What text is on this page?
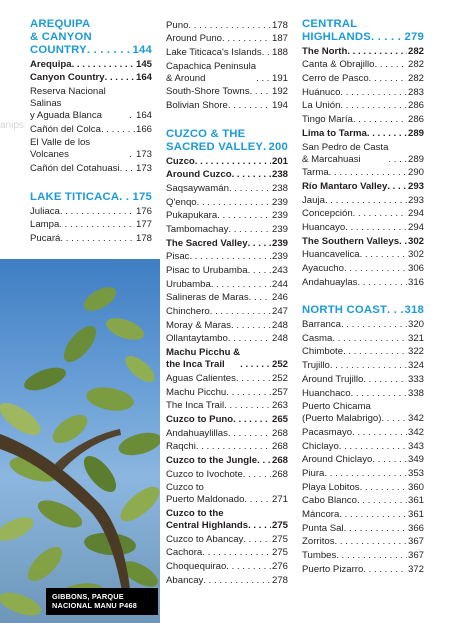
anips
AREQUIPA
& CANYON
COUNTRY . . .	144
Arequipa . . .	145
Canyon Country . . .	164
Reserva Nacional Salinas
y Aguada Blanca . . .	164
Cañón del Colca . . .	166
El Valle de los Volcanes . . .	173
Cañón del Cotahuasi . . . 173
LAKE TITICACA . . . 175
Juliaca . . .	176
Lampa . . .	177
Pucará . . .	178
Puno . . .	178
Around Puno . . .	187
Lake Titicaca's Islands . . . 188
Capachica Peninsula
& Around . . .	191
South-Shore Towns . . . 192
Bolivian Shore . . .	194
CUZCO & THE
SACRED VALLEY . . . 200
Cuzco . . .	201
Around Cuzco . . .	238
Saqsaywamán . . .	238
Q'enqo . . .	239
Pukapukara . . .	239
Tambomachay . . .	239
The Sacred Valley . . .	239
Pisac . . .	239
Pisac to Urubamba . . .	243
Urubamba . . .	244
Salineras de Maras . . . 246
Chinchero . . .	247
Moray & Maras . . .	248
Ollantaytambo . . .	248
Machu Picchu &
the Inca Trail . . .	252
Aguas Calientes . . .	252
Machu Picchu . . .	257
The Inca Trail . . .	263
Cuzco to Puno . . .	265
Andahuaylillas . . .	268
Raqchi . . .	268
Cuzco to the Jungle . . . 268
Cuzco to Ivochote . . .	268
Cuzco to
Puerto Maldonado . . .	271
Cuzco to the
Central Highlands . . . 275
Cuzco to Abancay . . .	275
Cachora . . .	275
Choquequirao . . .	276
Abancay . . .	278
CENTRAL
HIGHLANDS . . .	279
The North . . .	282
Canta & Obrajillo . . .	282
Cerro de Pasco . . .	282
Huánuco . . .	283
La Unión . . .	286
Tingo María . . .	286
Lima to Tarma . . .	289
San Pedro de Casta
& Marcahuasi . . .	289
Tarma . . .	290
Río Mantaro Valley . . . 293
Jauja . . .	293
Concepción . . .	294
Huancayo . . .	294
The Southern Valleys . . . 302
Huancavelica . . .	302
Ayacucho . . .	306
Andahuaylas . . .	316
NORTH COAST . . . 318
Barranca . . .	320
Casma . . .	321
Chimbote . . .	322
Trujillo . . .	324
Around Trujillo . . .	333
Huanchaco . . .	338
Puerto Chicama
(Puerto Malabrigo) . . .	342
Pacasmayo . . .	342
Chiclayo . . .	343
Around Chiclayo . . .	349
Piura . . .	353
Playa Lobitos . . .	360
Cabo Blanco . . .	361
Máncora . . .	361
Punta Sal . . .	366
Zorritos . . .	367
Tumbes . . .	367
Puerto Pizarro . . .	372
GIBBONS, PARQUE
NACIONAL MANU P468
